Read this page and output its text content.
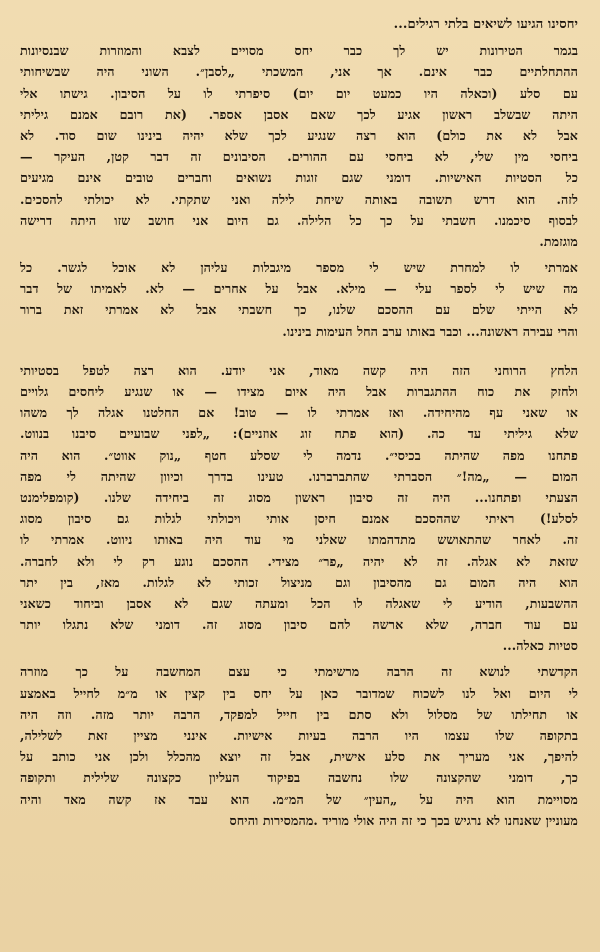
יחסינו הגיעו לשיאים בלתי רגילים...
בגמר הטירונות יש לך כבר יחס מסויים לצבא והמוזרות שבנסיונות
ההתחלתיים כבר אינם. אך אני, המשכתי „לסבן״. השוני היה שבשיחותי
עם סלע (וכאלה היו כמעט יום יום) סיפרתי לו על הסיבון. גישתו אלי
היתה שבשלב ראשון אגיע לכך שאם אסבן אספר. (את רובם אמנם גיליתי
אבל לא את כולם) הוא רצה שנגיע לכך שלא יהיה בינינו שום סוד. לא
ביחסי מין שלי, לא ביחסי עם ההורים. הסיבונים זה דבר קטן, העיקר —
כל הסטיות האישיות. דומני שגם זוגות נשואים וחברים טובים אינם מגיעים
לזה. הוא דרש תשובה באותה שיחת לילה ואני שתקתי. לא יכולתי להסכים.
לבסוף סיכמנו. חשבתי על כך כל הלילה. גם היום אני חושב שזו היתה דרישה
מוגזמת.
אמרתי לו למחרת שיש לי מספר מיגבלות עליהן לא אוכל לגשר. כל
מה שיש לי לספר עלי — מילא. אבל על אחרים — לא. לאמיתו של דבר
לא הייתי שלם עם ההסכם שלנו, כך חשבתי אבל לא אמרתי זאת ברור
והרי עבירה ראשונה... וכבר באותו ערב החל העימות בינינו.
הלחץ הרוחני הזה היה קשה מאוד, אני יודע. הוא רצה לטפל בסטיותי
ולחזק את כוח ההתגברות אבל היה איום מצידו — או שנגיע ליחסים גלויים
או שאני עף מהיחידה. ואז אמרתי לו — טוב! אם החלטנו אגלה לך משהו
שלא גיליתי עד כה. (הוא פתח זוג אוזניים): „לפני שבועיים סיבנו בנווט.
פתחנו מפה שהיתה בכיסי״. נדמה לי שסלע חטף „נוק אווט״. הוא היה
המום — „מה!״ הסברתי שהתברברנו. טעינו בדרך וכיוון שהיתה לי מפה
הצעתי ופתחנו... היה זה סיבון ראשון מסוג זה ביחידה שלנו. (קומפלימנט
לסלע!) ראיתי שההסכם אמנם חיסן אותי ויכולתי לגלות גם סיבון מסוג
זה. לאחר שהתאושש מתדהמתו שאלני מי עוד היה באותו ניווט. אמרתי לו
שזאת לא אגלה. זה לא יהיה „פר״ מצידי. ההסכם נוגע רק לי ולא לחברה.
הוא היה המום גם מהסיבון וגם מניצול זכותי לא לגלות. מאז, בין יתר
ההשבעות, הודיע לי שאגלה לו הכל ומעתה שגם לא אסבן וביחוד כשאני
עם עוד חברה, שלא ארשה להם סיבון מסוג זה. דומני שלא נתגלו יותר
סטיות כאלה...
הקדשתי לנושא זה הרבה מרשימתי כי עצם המחשבה על כך מוזרה
לי היום ואל לנו לשכוח שמדובר כאן על יחס בין קצין או מ״מ לחייל באמצע
או תחילתו של מסלול ולא סתם בין חייל למפקד, הרבה יותר מזה. וזה היה
בתקופה שלו עצמו היו הרבה בעיות אישיות. אינני מציין זאת לשלילה,
להיפך, אני מעריך את סלע אישית, אבל זה יוצא מהכלל ולכן אני כותב על
כך, דומני שהקצונה שלו נחשבה בפיקוד העליון כקצונה שלילית ותקופה
מסויימת הוא היה על „העין״ של המ״מ. הוא עבד אז קשה מאד והיה
מעוניין שאנחנו לא נרגיש בכך כי זה היה אולי מוריד .מהמסירות והיחס
